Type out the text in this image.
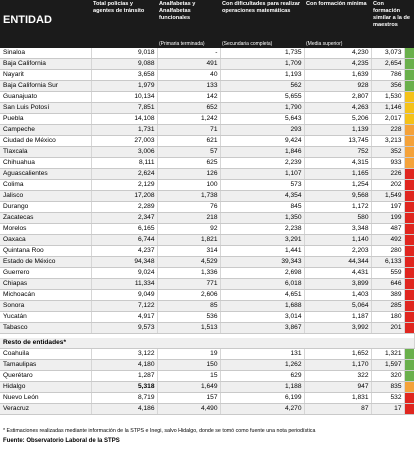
ENTIDAD	Total policías y agentes de tránsito	Analfabetas y Analfabetas funcionales	Con dificultades para realizar operaciones matemáticas	Con formación mínima	Con formación similar a la de maestros	
		(Primaria terminada)	(Secundaria completa)	(Media superior)		
Sinaloa	9,018	-	1,735	4,230	3,073	
Baja California	9,088	491	1,709	4,235	2,654	
Nayarit	3,658	40	1,193	1,639	786	
Baja California Sur	1,979	133	562	928	356	
Guanajuato	10,134	142	5,655	2,807	1,530	
San Luis Potosí	7,851	652	1,790	4,263	1,146	
Puebla	14,108	1,242	5,643	5,206	2,017	
Campeche	1,731	71	293	1,139	228	
Ciudad de México	27,003	621	9,424	13,745	3,213	
Tlaxcala	3,006	57	1,846	752	352	
Chihuahua	8,111	625	2,239	4,315	933	
Aguascalientes	2,624	126	1,107	1,165	226	
Colima	2,129	100	573	1,254	202	
Jalisco	17,208	1,738	4,354	9,568	1,549	
Durango	2,289	76	845	1,172	197	
Zacatecas	2,347	218	1,350	580	199	
Morelos	6,165	92	2,238	3,348	487	
Oaxaca	6,744	1,821	3,291	1,140	492	
Quintana Roo	4,237	314	1,441	2,203	280	
Estado de México	94,348	4,529	39,343	44,344	6,133	
Guerrero	9,024	1,336	2,698	4,431	559	
Chiapas	11,334	771	6,018	3,899	646	
Michoacán	9,049	2,606	4,651	1,403	389	
Sonora	7,122	85	1,688	5,064	285	
Yucatán	4,917	536	3,014	1,187	180	
Tabasco	9,573	1,513	3,867	3,992	201	

Resto de entidades*						
Coahuila	3,122	19	131	1,652	1,321	
Tamaulipas	4,180	150	1,262	1,170	1,597	
Querétaro	1,287	15	629	322	320	
Hidalgo	5,318	1,649	1,188	947	835	
Nuevo León	8,719	157	6,199	1,831	532	
Veracruz	4,186	4,490	4,270	87	17	
* Estimaciones realizadas mediante información de la STPS e Inegi, salvo Hidalgo, donde se tomó como fuente una nota periodística
Fuente: Observatorio Laboral de la STPS
